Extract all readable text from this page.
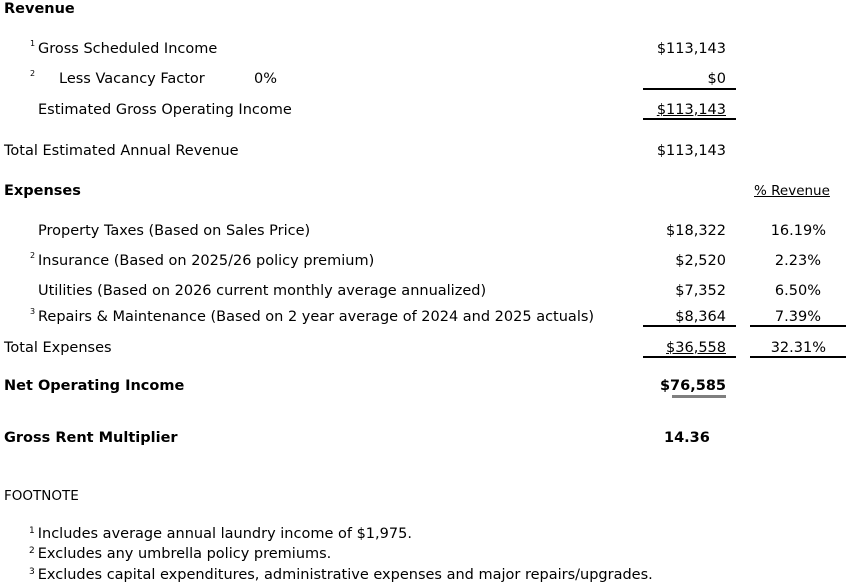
Revenue
1 Gross Scheduled Income	$113,143
2 Less Vacancy Factor	0%	$0
Estimated Gross Operating Income	$113,143
Total Estimated Annual Revenue	$113,143
Expenses	% Revenue
Property Taxes (Based on Sales Price)	$18,322	16.19%
2 Insurance (Based on 2025/26 policy premium)	$2,520	2.23%
Utilities (Based on 2026 current monthly average annualized)	$7,352	6.50%
3 Repairs & Maintenance (Based on 2 year average of 2024 and 2025 actuals)	$8,364	7.39%
Total Expenses	$36,558	32.31%
Net Operating Income	$76,585
Gross Rent Multiplier	14.36
FOOTNOTE
$^1$ Includes average annual laundry income of $1,975.
$^2$ Excludes any umbrella policy premiums.
$^3$ Excludes capital expenditures, administrative expenses and major repairs/upgrades.
